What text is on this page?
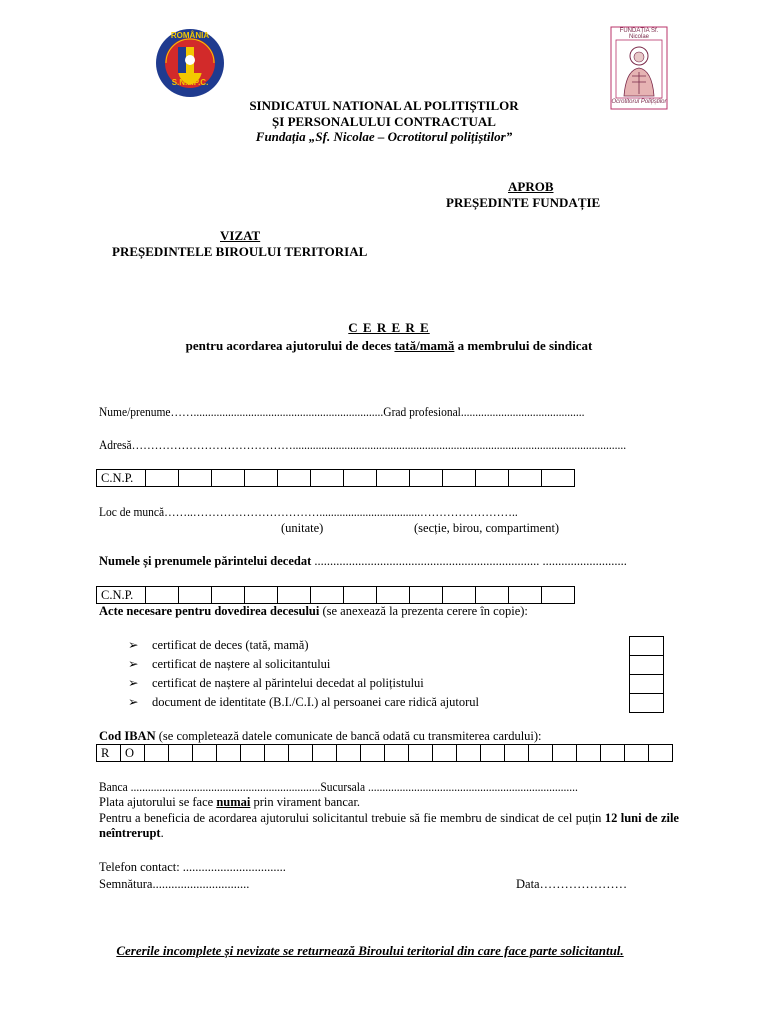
ROMÂNIA
S.N.P.P.C.
FUNDAȚIA Sf. Nicolae
Ocrotitorul Polițiștilor
SINDICATUL NATIONAL AL POLITIȘTILOR
ȘI PERSONALULUI CONTRACTUAL
Fundația „Sf. Nicolae – Ocrotitorul polițiștilor”
APROB
PREȘEDINTE FUNDAȚIE
VIZAT
PREȘEDINTELE BIROULUI TERITORIAL
C E R E R E
pentru acordarea ajutorului de deces tată/mamă a membrului de sindicat
Nume/prenume……..................................................................Grad profesional...........................................
Adresă……………………………………....................................................................................................................
C.N.P.													
Loc de muncă……..……………………………...................................……………………..
(unitate)	(secție, birou, compartiment)
Numele și prenumele părintelui decedat ........................................................................ ...........................
C.N.P.													
Acte necesare pentru dovedirea decesului (se anexează la prezenta cerere în copie):
➢ certificat de deces (tată, mamă)
➢ certificat de naștere al solicitantului
➢ certificat de naștere al părintelui decedat al polițistului
➢ document de identitate (B.I./C.I.) al persoanei care ridică ajutorul
Cod IBAN (se completează datele comunicate de bancă odată cu transmiterea cardului):
R	O																						
Banca ..................................................................Sucursala .........................................................................
Plata ajutorului se face numai prin virament bancar.
Pentru a beneficia de acordarea ajutorului solicitantul trebuie să fie membru de sindicat de cel puțin 12 luni de zile neîntrerupt.
Telefon contact: .................................
Semnătura...............................	Data…………………
Cererile incomplete și nevizate se returnează Biroului teritorial din care face parte solicitantul.
